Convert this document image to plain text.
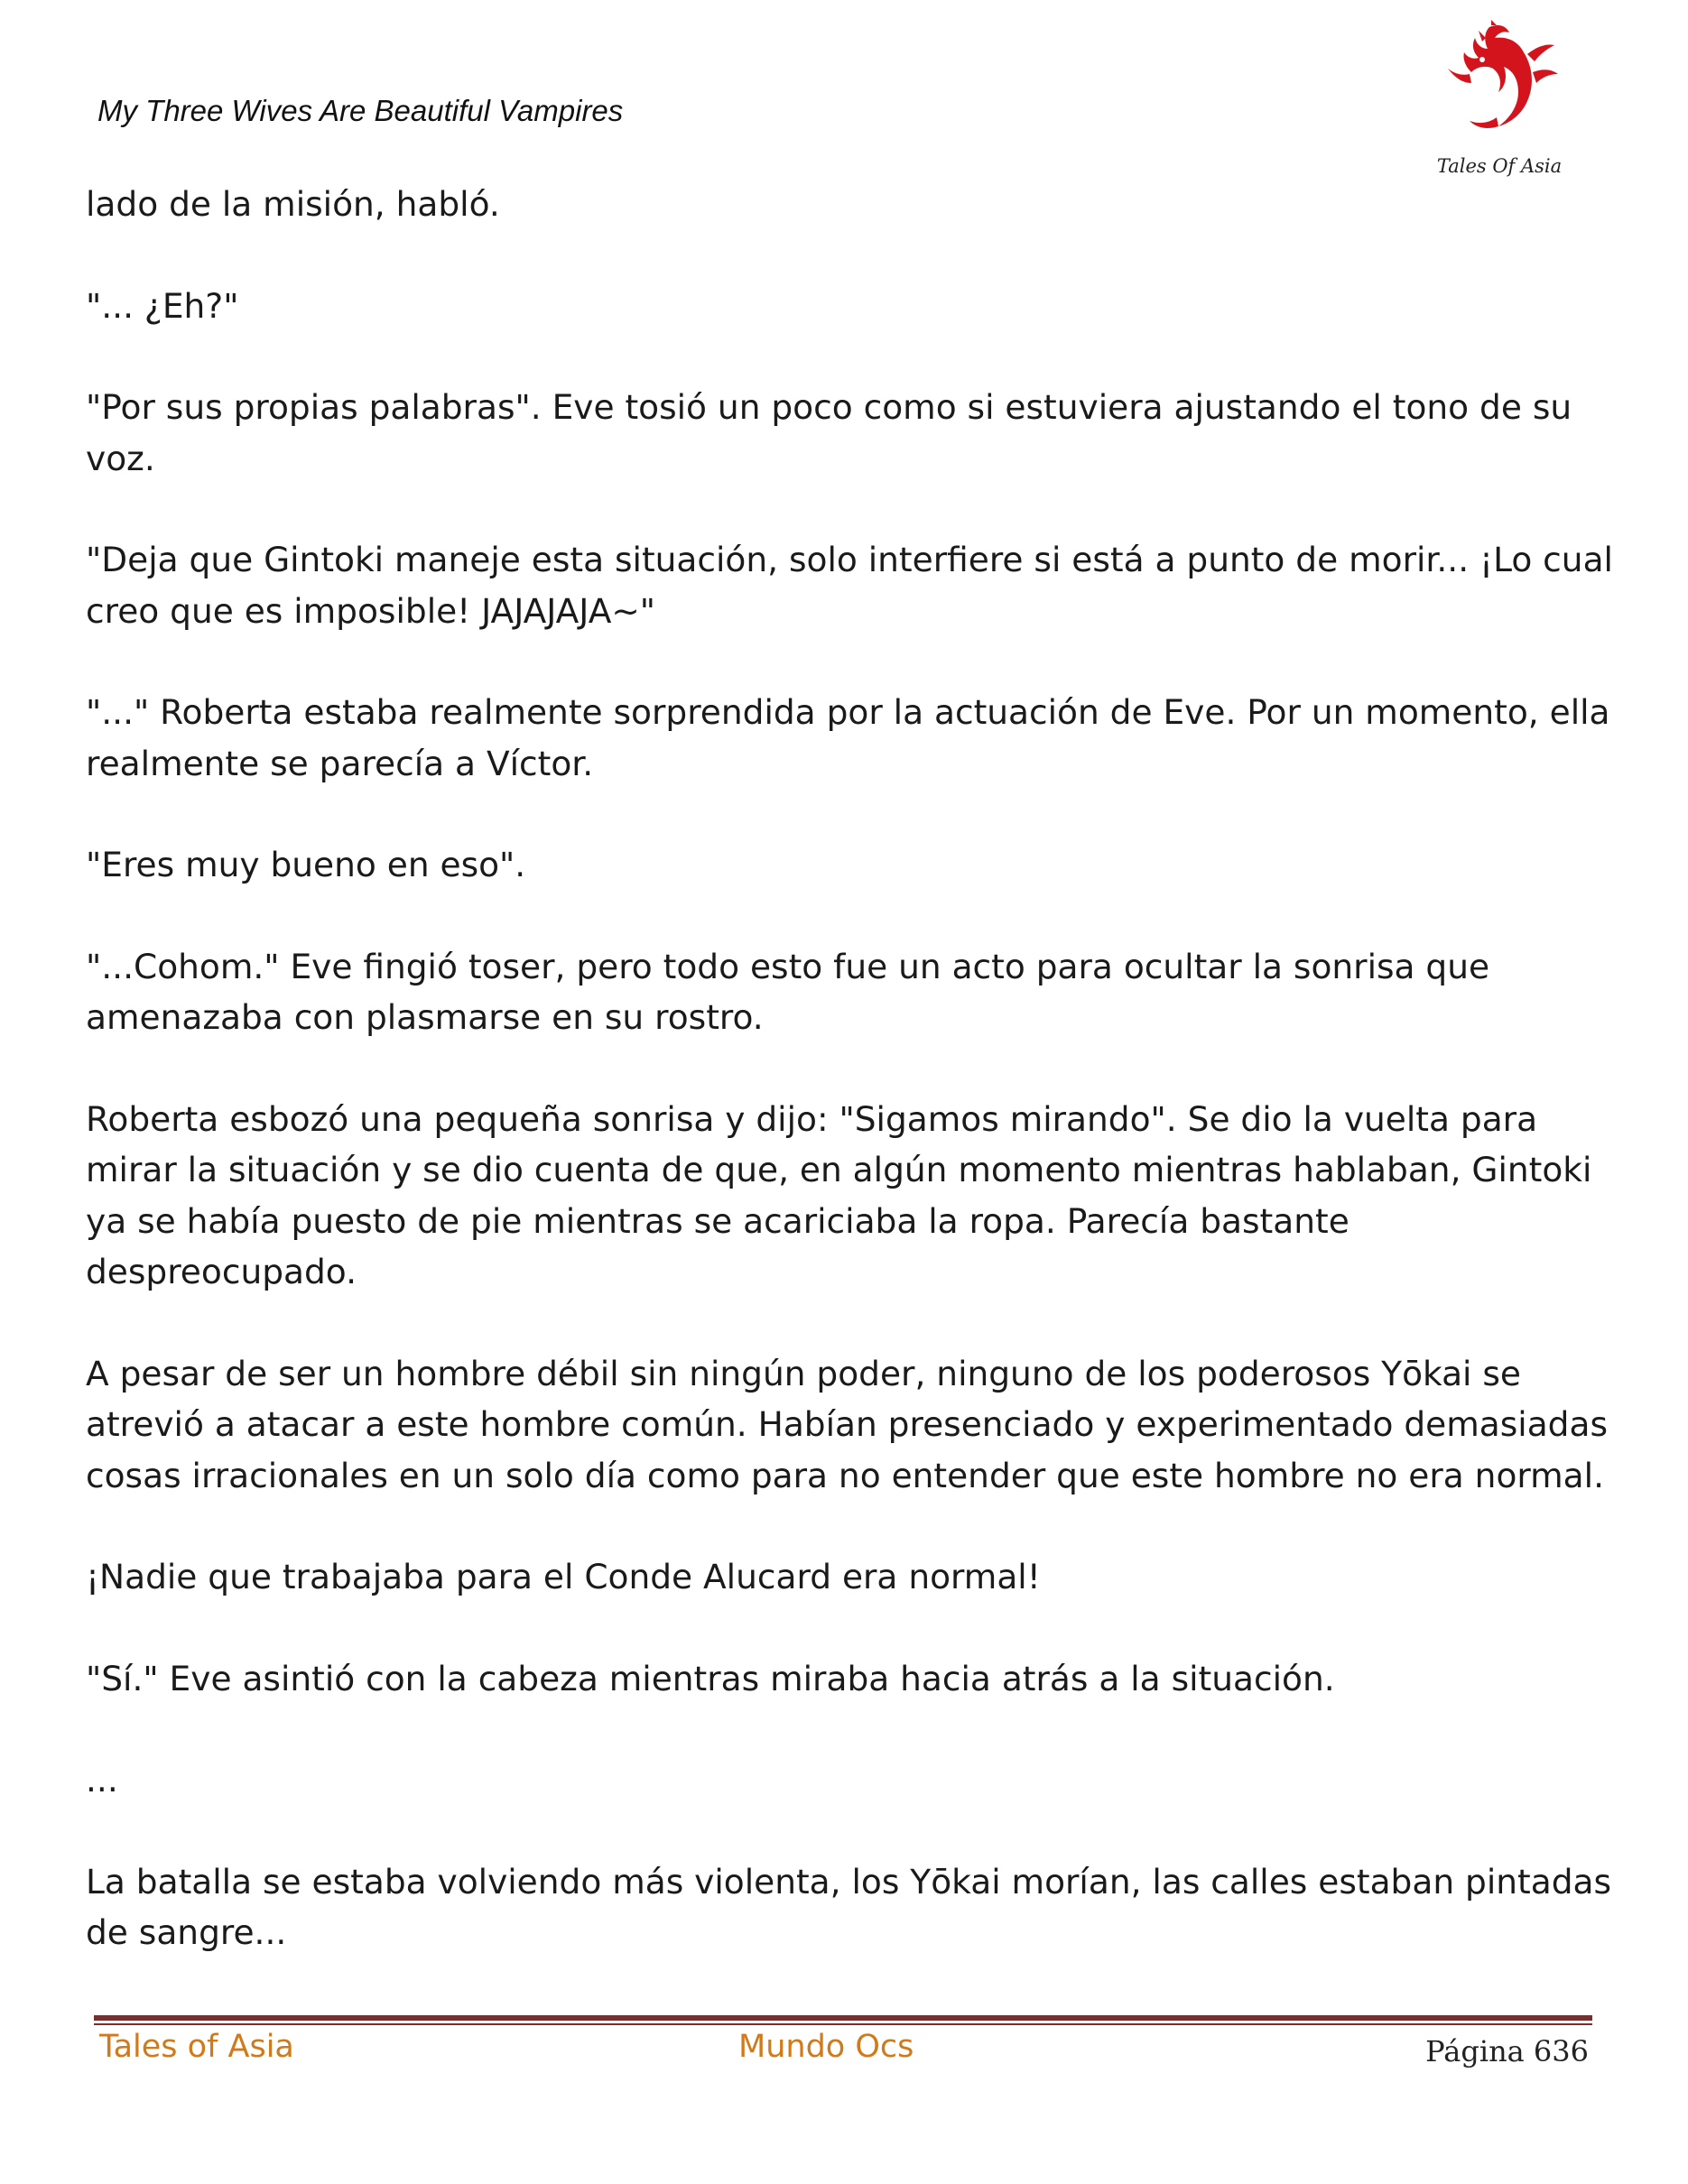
My Three Wives Are Beautiful Vampires
Tales Of Asia

lado de la misión, habló.

"... ¿Eh?"

"Por sus propias palabras". Eve tosió un poco como si estuviera ajustando el tono de su voz.

"Deja que Gintoki maneje esta situación, solo interfiere si está a punto de morir... ¡Lo cual creo que es imposible! JAJAJAJA~"

"..." Roberta estaba realmente sorprendida por la actuación de Eve. Por un momento, ella realmente se parecía a Víctor.

"Eres muy bueno en eso".

"...Cohom." Eve fingió toser, pero todo esto fue un acto para ocultar la sonrisa que amenazaba con plasmarse en su rostro.

Roberta esbozó una pequeña sonrisa y dijo: "Sigamos mirando". Se dio la vuelta para mirar la situación y se dio cuenta de que, en algún momento mientras hablaban, Gintoki ya se había puesto de pie mientras se acariciaba la ropa. Parecía bastante despreocupado.

A pesar de ser un hombre débil sin ningún poder, ninguno de los poderosos Yōkai se atrevió a atacar a este hombre común. Habían presenciado y experimentado demasiadas cosas irracionales en un solo día como para no entender que este hombre no era normal.

¡Nadie que trabajaba para el Conde Alucard era normal!

"Sí." Eve asintió con la cabeza mientras miraba hacia atrás a la situación.

...

La batalla se estaba volviendo más violenta, los Yōkai morían, las calles estaban pintadas de sangre...

Tales of Asia	Mundo Ocs	Página 636
